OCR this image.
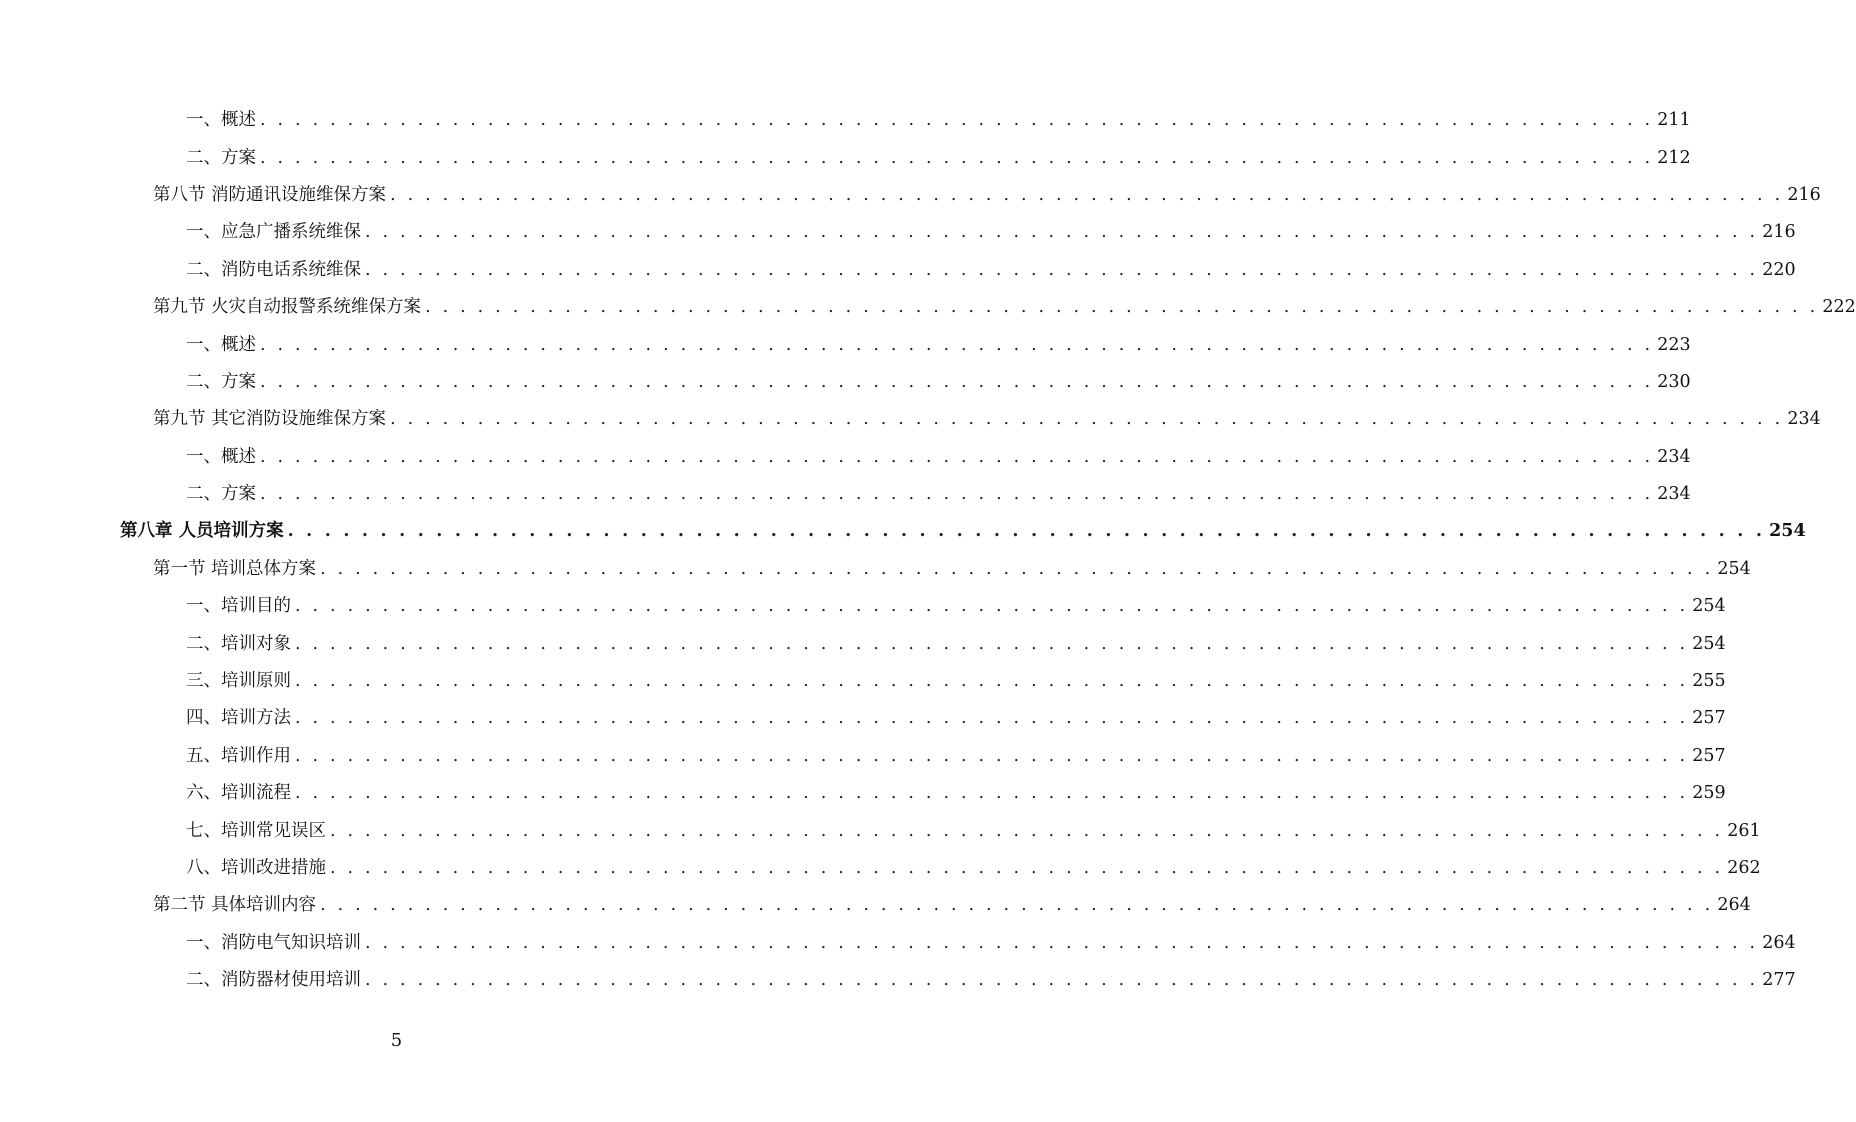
一、概述 . . . . . . . . . . . . . . . . . . . . . . . . . . . . . . . . . . . . . . . . . . . . . . . . . . . . . . . . . . . . . . . . . . . . . . . . . . . . . . . . 211
二、方案 . . . . . . . . . . . . . . . . . . . . . . . . . . . . . . . . . . . . . . . . . . . . . . . . . . . . . . . . . . . . . . . . . . . . . . . . . . . . . . . . 212
第八节 消防通讯设施维保方案 . . . . . . . . . . . . . . . . . . . . . . . . . . . . . . . . . . . . . . . . . . . . . . . . . . . . . . . . . . . . . . . . . . . . . . . . . . . . . . . . 216
一、应急广播系统维保 . . . . . . . . . . . . . . . . . . . . . . . . . . . . . . . . . . . . . . . . . . . . . . . . . . . . . . . . . . . . . . . . . . . . . . . . . . . . . . . . 216
二、消防电话系统维保 . . . . . . . . . . . . . . . . . . . . . . . . . . . . . . . . . . . . . . . . . . . . . . . . . . . . . . . . . . . . . . . . . . . . . . . . . . . . . . . . 220
第九节 火灾自动报警系统维保方案 . . . . . . . . . . . . . . . . . . . . . . . . . . . . . . . . . . . . . . . . . . . . . . . . . . . . . . . . . . . . . . . . . . . . . . . . . . . . . . . . 222
一、概述 . . . . . . . . . . . . . . . . . . . . . . . . . . . . . . . . . . . . . . . . . . . . . . . . . . . . . . . . . . . . . . . . . . . . . . . . . . . . . . . . 223
二、方案 . . . . . . . . . . . . . . . . . . . . . . . . . . . . . . . . . . . . . . . . . . . . . . . . . . . . . . . . . . . . . . . . . . . . . . . . . . . . . . . . 230
第九节 其它消防设施维保方案 . . . . . . . . . . . . . . . . . . . . . . . . . . . . . . . . . . . . . . . . . . . . . . . . . . . . . . . . . . . . . . . . . . . . . . . . . . . . . . . . 234
一、概述 . . . . . . . . . . . . . . . . . . . . . . . . . . . . . . . . . . . . . . . . . . . . . . . . . . . . . . . . . . . . . . . . . . . . . . . . . . . . . . . . 234
二、方案 . . . . . . . . . . . . . . . . . . . . . . . . . . . . . . . . . . . . . . . . . . . . . . . . . . . . . . . . . . . . . . . . . . . . . . . . . . . . . . . . 234
第八章 人员培训方案 . . . . . . . . . . . . . . . . . . . . . . . . . . . . . . . . . . . . . . . . . . . . . . . . . . . . . . . . . . . . . . . . . . . . . . . . . . . . . . . . 254
第一节 培训总体方案 . . . . . . . . . . . . . . . . . . . . . . . . . . . . . . . . . . . . . . . . . . . . . . . . . . . . . . . . . . . . . . . . . . . . . . . . . . . . . . . . 254
一、培训目的 . . . . . . . . . . . . . . . . . . . . . . . . . . . . . . . . . . . . . . . . . . . . . . . . . . . . . . . . . . . . . . . . . . . . . . . . . . . . . . . . 254
二、培训对象 . . . . . . . . . . . . . . . . . . . . . . . . . . . . . . . . . . . . . . . . . . . . . . . . . . . . . . . . . . . . . . . . . . . . . . . . . . . . . . . . 254
三、培训原则 . . . . . . . . . . . . . . . . . . . . . . . . . . . . . . . . . . . . . . . . . . . . . . . . . . . . . . . . . . . . . . . . . . . . . . . . . . . . . . . . 255
四、培训方法 . . . . . . . . . . . . . . . . . . . . . . . . . . . . . . . . . . . . . . . . . . . . . . . . . . . . . . . . . . . . . . . . . . . . . . . . . . . . . . . . 257
五、培训作用 . . . . . . . . . . . . . . . . . . . . . . . . . . . . . . . . . . . . . . . . . . . . . . . . . . . . . . . . . . . . . . . . . . . . . . . . . . . . . . . . 257
六、培训流程 . . . . . . . . . . . . . . . . . . . . . . . . . . . . . . . . . . . . . . . . . . . . . . . . . . . . . . . . . . . . . . . . . . . . . . . . . . . . . . . . 259
七、培训常见误区 . . . . . . . . . . . . . . . . . . . . . . . . . . . . . . . . . . . . . . . . . . . . . . . . . . . . . . . . . . . . . . . . . . . . . . . . . . . . . . . . 261
八、培训改进措施 . . . . . . . . . . . . . . . . . . . . . . . . . . . . . . . . . . . . . . . . . . . . . . . . . . . . . . . . . . . . . . . . . . . . . . . . . . . . . . . . 262
第二节 具体培训内容 . . . . . . . . . . . . . . . . . . . . . . . . . . . . . . . . . . . . . . . . . . . . . . . . . . . . . . . . . . . . . . . . . . . . . . . . . . . . . . . . 264
一、消防电气知识培训 . . . . . . . . . . . . . . . . . . . . . . . . . . . . . . . . . . . . . . . . . . . . . . . . . . . . . . . . . . . . . . . . . . . . . . . . . . . . . . . . 264
二、消防器材使用培训 . . . . . . . . . . . . . . . . . . . . . . . . . . . . . . . . . . . . . . . . . . . . . . . . . . . . . . . . . . . . . . . . . . . . . . . . . . . . . . . . 277
5
